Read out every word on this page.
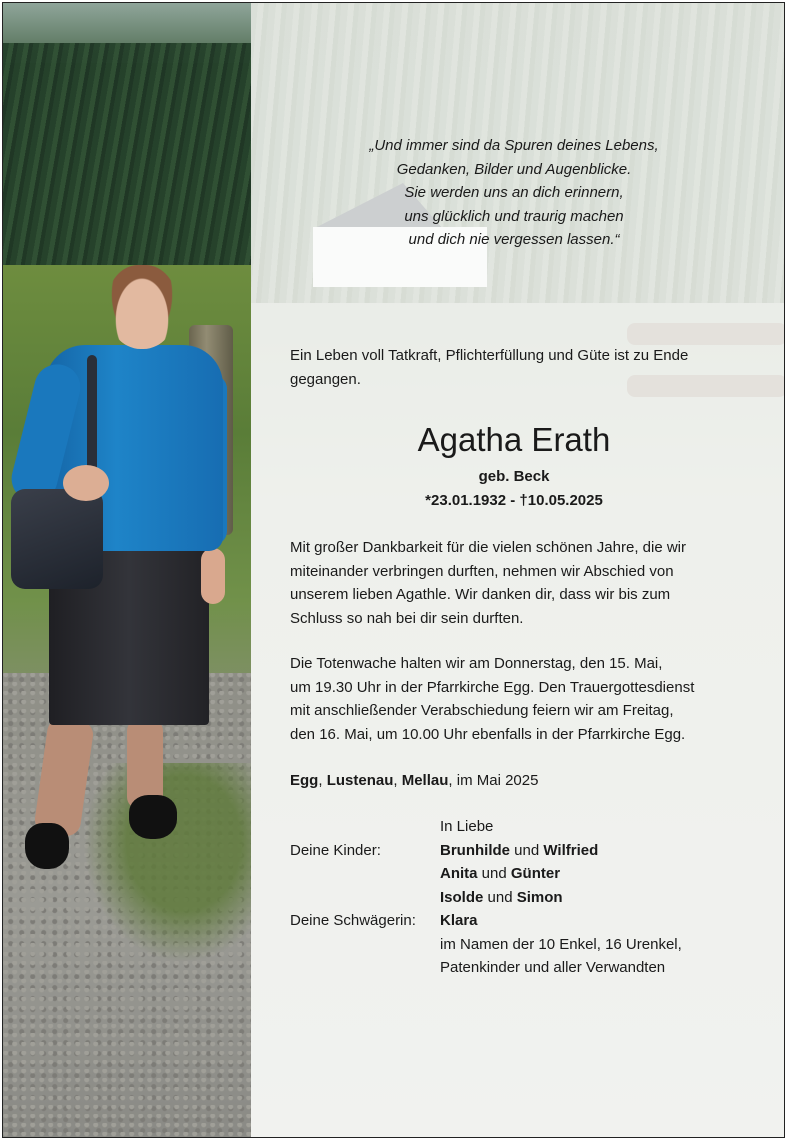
„Und immer sind da Spuren deines Lebens,
Gedanken, Bilder und Augenblicke.
Sie werden uns an dich erinnern,
uns glücklich und traurig machen
und dich nie vergessen lassen.“
Ein Leben voll Tatkraft, Pflichterfüllung und Güte ist zu Ende gegangen.
Agatha Erath
geb. Beck
*23.01.1932 - †10.05.2025
Mit großer Dankbarkeit für die vielen schönen Jahre, die wir
miteinander verbringen durften, nehmen wir Abschied von
unserem lieben Agathle. Wir danken dir, dass wir bis zum
Schluss so nah bei dir sein durften.
Die Totenwache halten wir am Donnerstag, den 15. Mai,
um 19.30 Uhr in der Pfarrkirche Egg. Den Trauergottesdienst
mit anschließender Verabschiedung feiern wir am Freitag,
den 16. Mai, um 10.00 Uhr ebenfalls in der Pfarrkirche Egg.
Egg, Lustenau, Mellau, im Mai 2025
In Liebe
Deine Kinder:	Brunhilde und Wilfried
Anita und Günter
Isolde und Simon
Deine Schwägerin: Klara
im Namen der 10 Enkel, 16 Urenkel,
Patenkinder und aller Verwandten
